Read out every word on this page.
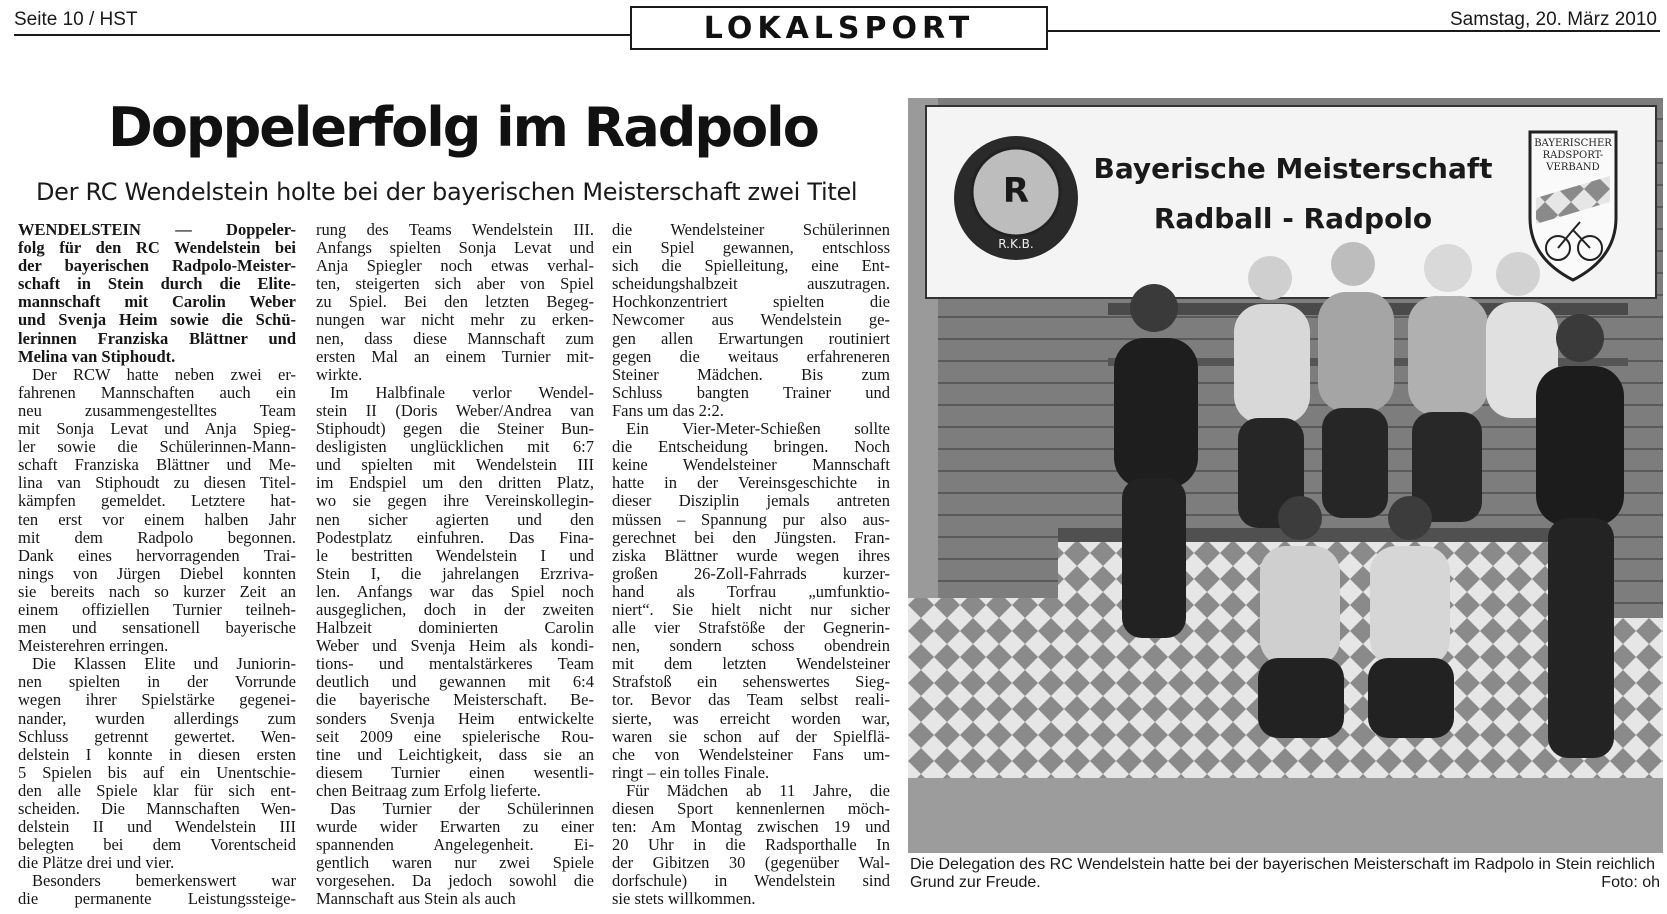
Seite 10 / HST	LOKALSPORT	Samstag, 20. März 2010
Doppelerfolg im Radpolo
Der RC Wendelstein holte bei der bayerischen Meisterschaft zwei Titel
WENDELSTEIN — Doppeler-
folg für den RC Wendelstein bei
der bayerischen Radpolo-Meister-
schaft in Stein durch die Elite-
mannschaft mit Carolin Weber
und Svenja Heim sowie die Schü-
lerinnen Franziska Blättner und
Melina van Stiphoudt.
Der RCW hatte neben zwei er-
fahrenen Mannschaften auch ein
neu zusammengestelltes Team
mit Sonja Levat und Anja Spieg-
ler sowie die Schülerinnen-Mann-
schaft Franziska Blättner und Me-
lina van Stiphoudt zu diesen Titel-
kämpfen gemeldet. Letztere hat-
ten erst vor einem halben Jahr
mit dem Radpolo begonnen.
Dank eines hervorragenden Trai-
nings von Jürgen Diebel konnten
sie bereits nach so kurzer Zeit an
einem offiziellen Turnier teilneh-
men und sensationell bayerische
Meisterehren erringen.
Die Klassen Elite und Juniorin-
nen spielten in der Vorrunde
wegen ihrer Spielstärke gegenei-
nander, wurden allerdings zum
Schluss getrennt gewertet. Wen-
delstein I konnte in diesen ersten
5 Spielen bis auf ein Unentschie-
den alle Spiele klar für sich ent-
scheiden. Die Mannschaften Wen-
delstein II und Wendelstein III
belegten bei dem Vorentscheid
die Plätze drei und vier.
Besonders bemerkenswert war
die permanente Leistungssteige-
rung des Teams Wendelstein III.
Anfangs spielten Sonja Levat und
Anja Spiegler noch etwas verhal-
ten, steigerten sich aber von Spiel
zu Spiel. Bei den letzten Begeg-
nungen war nicht mehr zu erken-
nen, dass diese Mannschaft zum
ersten Mal an einem Turnier mit-
wirkte.
Im Halbfinale verlor Wendel-
stein II (Doris Weber/Andrea van
Stiphoudt) gegen die Steiner Bun-
desligisten unglücklichen mit 6:7
und spielten mit Wendelstein III
im Endspiel um den dritten Platz,
wo sie gegen ihre Vereinskollegin-
nen sicher agierten und den
Podestplatz einfuhren. Das Fina-
le bestritten Wendelstein I und
Stein I, die jahrelangen Erzriva-
len. Anfangs war das Spiel noch
ausgeglichen, doch in der zweiten
Halbzeit dominierten Carolin
Weber und Svenja Heim als kondi-
tions- und mentalstärkeres Team
deutlich und gewannen mit 6:4
die bayerische Meisterschaft. Be-
sonders Svenja Heim entwickelte
seit 2009 eine spielerische Rou-
tine und Leichtigkeit, dass sie an
diesem Turnier einen wesentli-
chen Beitraag zum Erfolg lieferte.
Das Turnier der Schülerinnen
wurde wider Erwarten zu einer
spannenden Angelegenheit. Ei-
gentlich waren nur zwei Spiele
vorgesehen. Da jedoch sowohl die
Mannschaft aus Stein als auch
die Wendelsteiner Schülerinnen
ein Spiel gewannen, entschloss
sich die Spielleitung, eine Ent-
scheidungshalbzeit auszutragen.
Hochkonzentriert spielten die
Newcomer aus Wendelstein ge-
gen allen Erwartungen routiniert
gegen die weitaus erfahreneren
Steiner Mädchen. Bis zum
Schluss bangten Trainer und
Fans um das 2:2.
Ein Vier-Meter-Schießen sollte
die Entscheidung bringen. Noch
keine Wendelsteiner Mannschaft
hatte in der Vereinsgeschichte in
dieser Disziplin jemals antreten
müssen – Spannung pur also aus-
gerechnet bei den Jüngsten. Fran-
ziska Blättner wurde wegen ihres
großen 26-Zoll-Fahrrads kurzer-
hand als Torfrau „umfunktio-
niert“. Sie hielt nicht nur sicher
alle vier Strafstöße der Gegnerin-
nen, sondern schoss obendrein
mit dem letzten Wendelsteiner
Strafstoß ein sehenswertes Sieg-
tor. Bevor das Team selbst reali-
sierte, was erreicht worden war,
waren sie schon auf der Spielflä-
che von Wendelsteiner Fans um-
ringt – ein tolles Finale.
Für Mädchen ab 11 Jahre, die
diesen Sport kennenlernen möch-
ten: Am Montag zwischen 19 und
20 Uhr in die Radsporthalle In
der Gibitzen 30 (gegenüber Wal-
dorfschule) in Wendelstein sind
sie stets willkommen.
R
R.K.B.
Bayerische Meisterschaft
Radball - Radpolo
BAYERISCHER
RADSPORT-
VERBAND
Die Delegation des RC Wendelstein hatte bei der bayerischen Meisterschaft im Radpolo in Stein reichlich Grund zur Freude.	Foto: oh
